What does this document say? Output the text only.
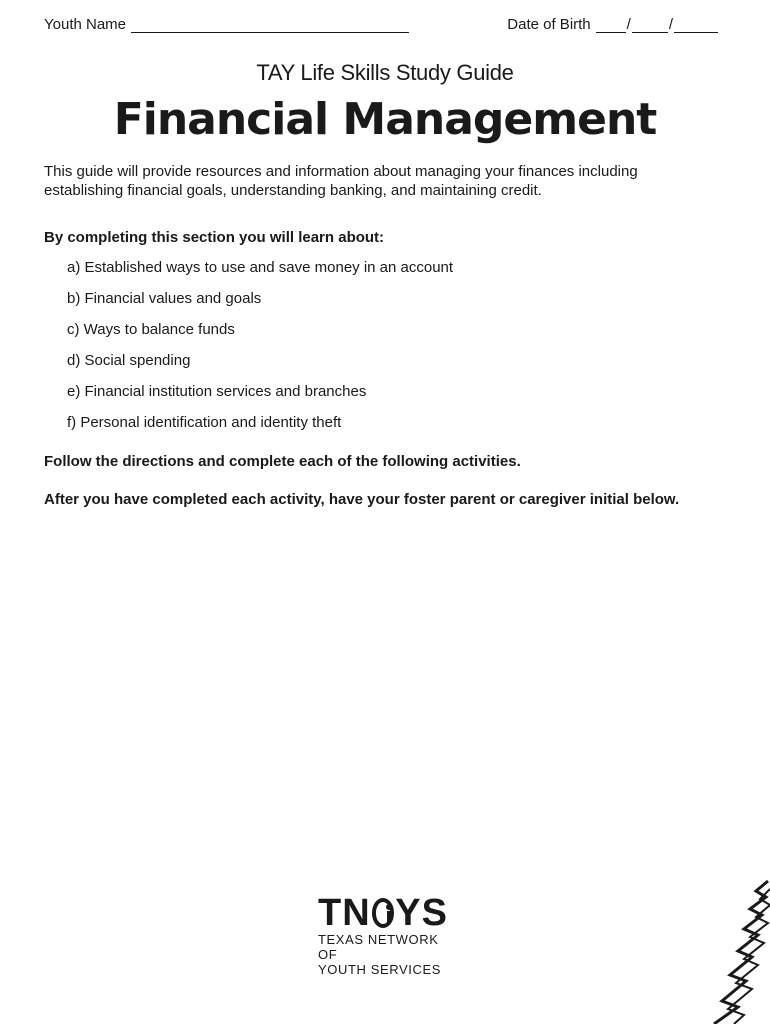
Youth Name	Date of Birth /	/
TAY Life Skills Study Guide
Financial Management
This guide will provide resources and information about managing your finances including establishing financial goals, understanding banking, and maintaining credit.
By completing this section you will learn about:
a) Established ways to use and save money in an account
b) Financial values and goals
c) Ways to balance funds
d) Social spending
e) Financial institution services and branches
f) Personal identification and identity theft
Follow the directions and complete each of the following activities.
After you have completed each activity, have your foster parent or caregiver initial below.
TN YS
TEXAS NETWORK OF
YOUTH SERVICES
